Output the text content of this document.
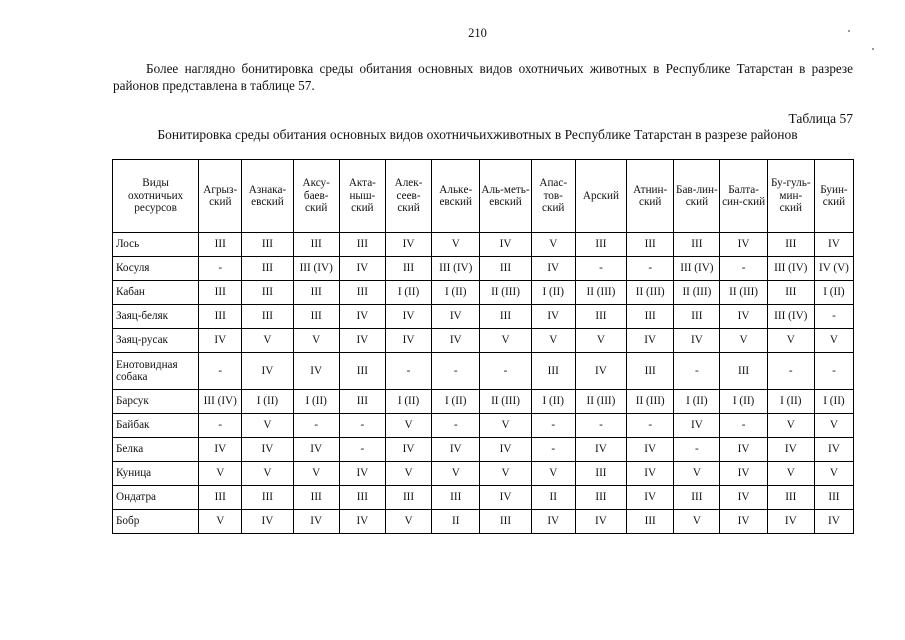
210
Более наглядно бонитировка среды обитания основных видов охотничьих животных в Республике Татарстан в разрезе районов представлена в таблице 57.
Таблица 57
Бонитировка среды обитания основных видов охотничьихживотных в Республике Татарстан в разрезе районов
Виды охотничьих ресурсов	Агрыз-ский	Азнака-евский	Аксу-баев-ский	Акта-ныш-ский	Алек-сеев-ский	Алькe-евский	Аль-меть-евский	Апас-тов-ский	Арский	Атнин-ский	Бав-лин-ский	Балта-син-ский	Бу-гуль-мин-ский	Буин-ский
Лось	III	III	III	III	IV	V	IV	V	III	III	III	IV	III	IV
Косуля	-	III	III (IV)	IV	III	III (IV)	III	IV	-	-	III (IV)	-	III (IV)	IV (V)
Кабан	III	III	III	III	I (II)	I (II)	II (III)	I (II)	II (III)	II (III)	II (III)	II (III)	III	I (II)
Заяц-беляк	III	III	III	IV	IV	IV	III	IV	III	III	III	IV	III (IV)	-
Заяц-русак	IV	V	V	IV	IV	IV	V	V	V	IV	IV	V	V	V
Енотовидная собака	-	IV	IV	III	-	-	-	III	IV	III	-	III	-	-
Барсук	III (IV)	I (II)	I (II)	III	I (II)	I (II)	II (III)	I (II)	II (III)	II (III)	I (II)	I (II)	I (II)	I (II)
Байбак	-	V	-	-	V	-	V	-	-	-	IV	-	V	V
Белка	IV	IV	IV	-	IV	IV	IV	-	IV	IV	-	IV	IV	IV
Куница	V	V	V	IV	V	V	V	V	III	IV	V	IV	V	V
Ондатра	III	III	III	III	III	III	IV	II	III	IV	III	IV	III	III
Бобр	V	IV	IV	IV	V	II	III	IV	IV	III	V	IV	IV	IV
